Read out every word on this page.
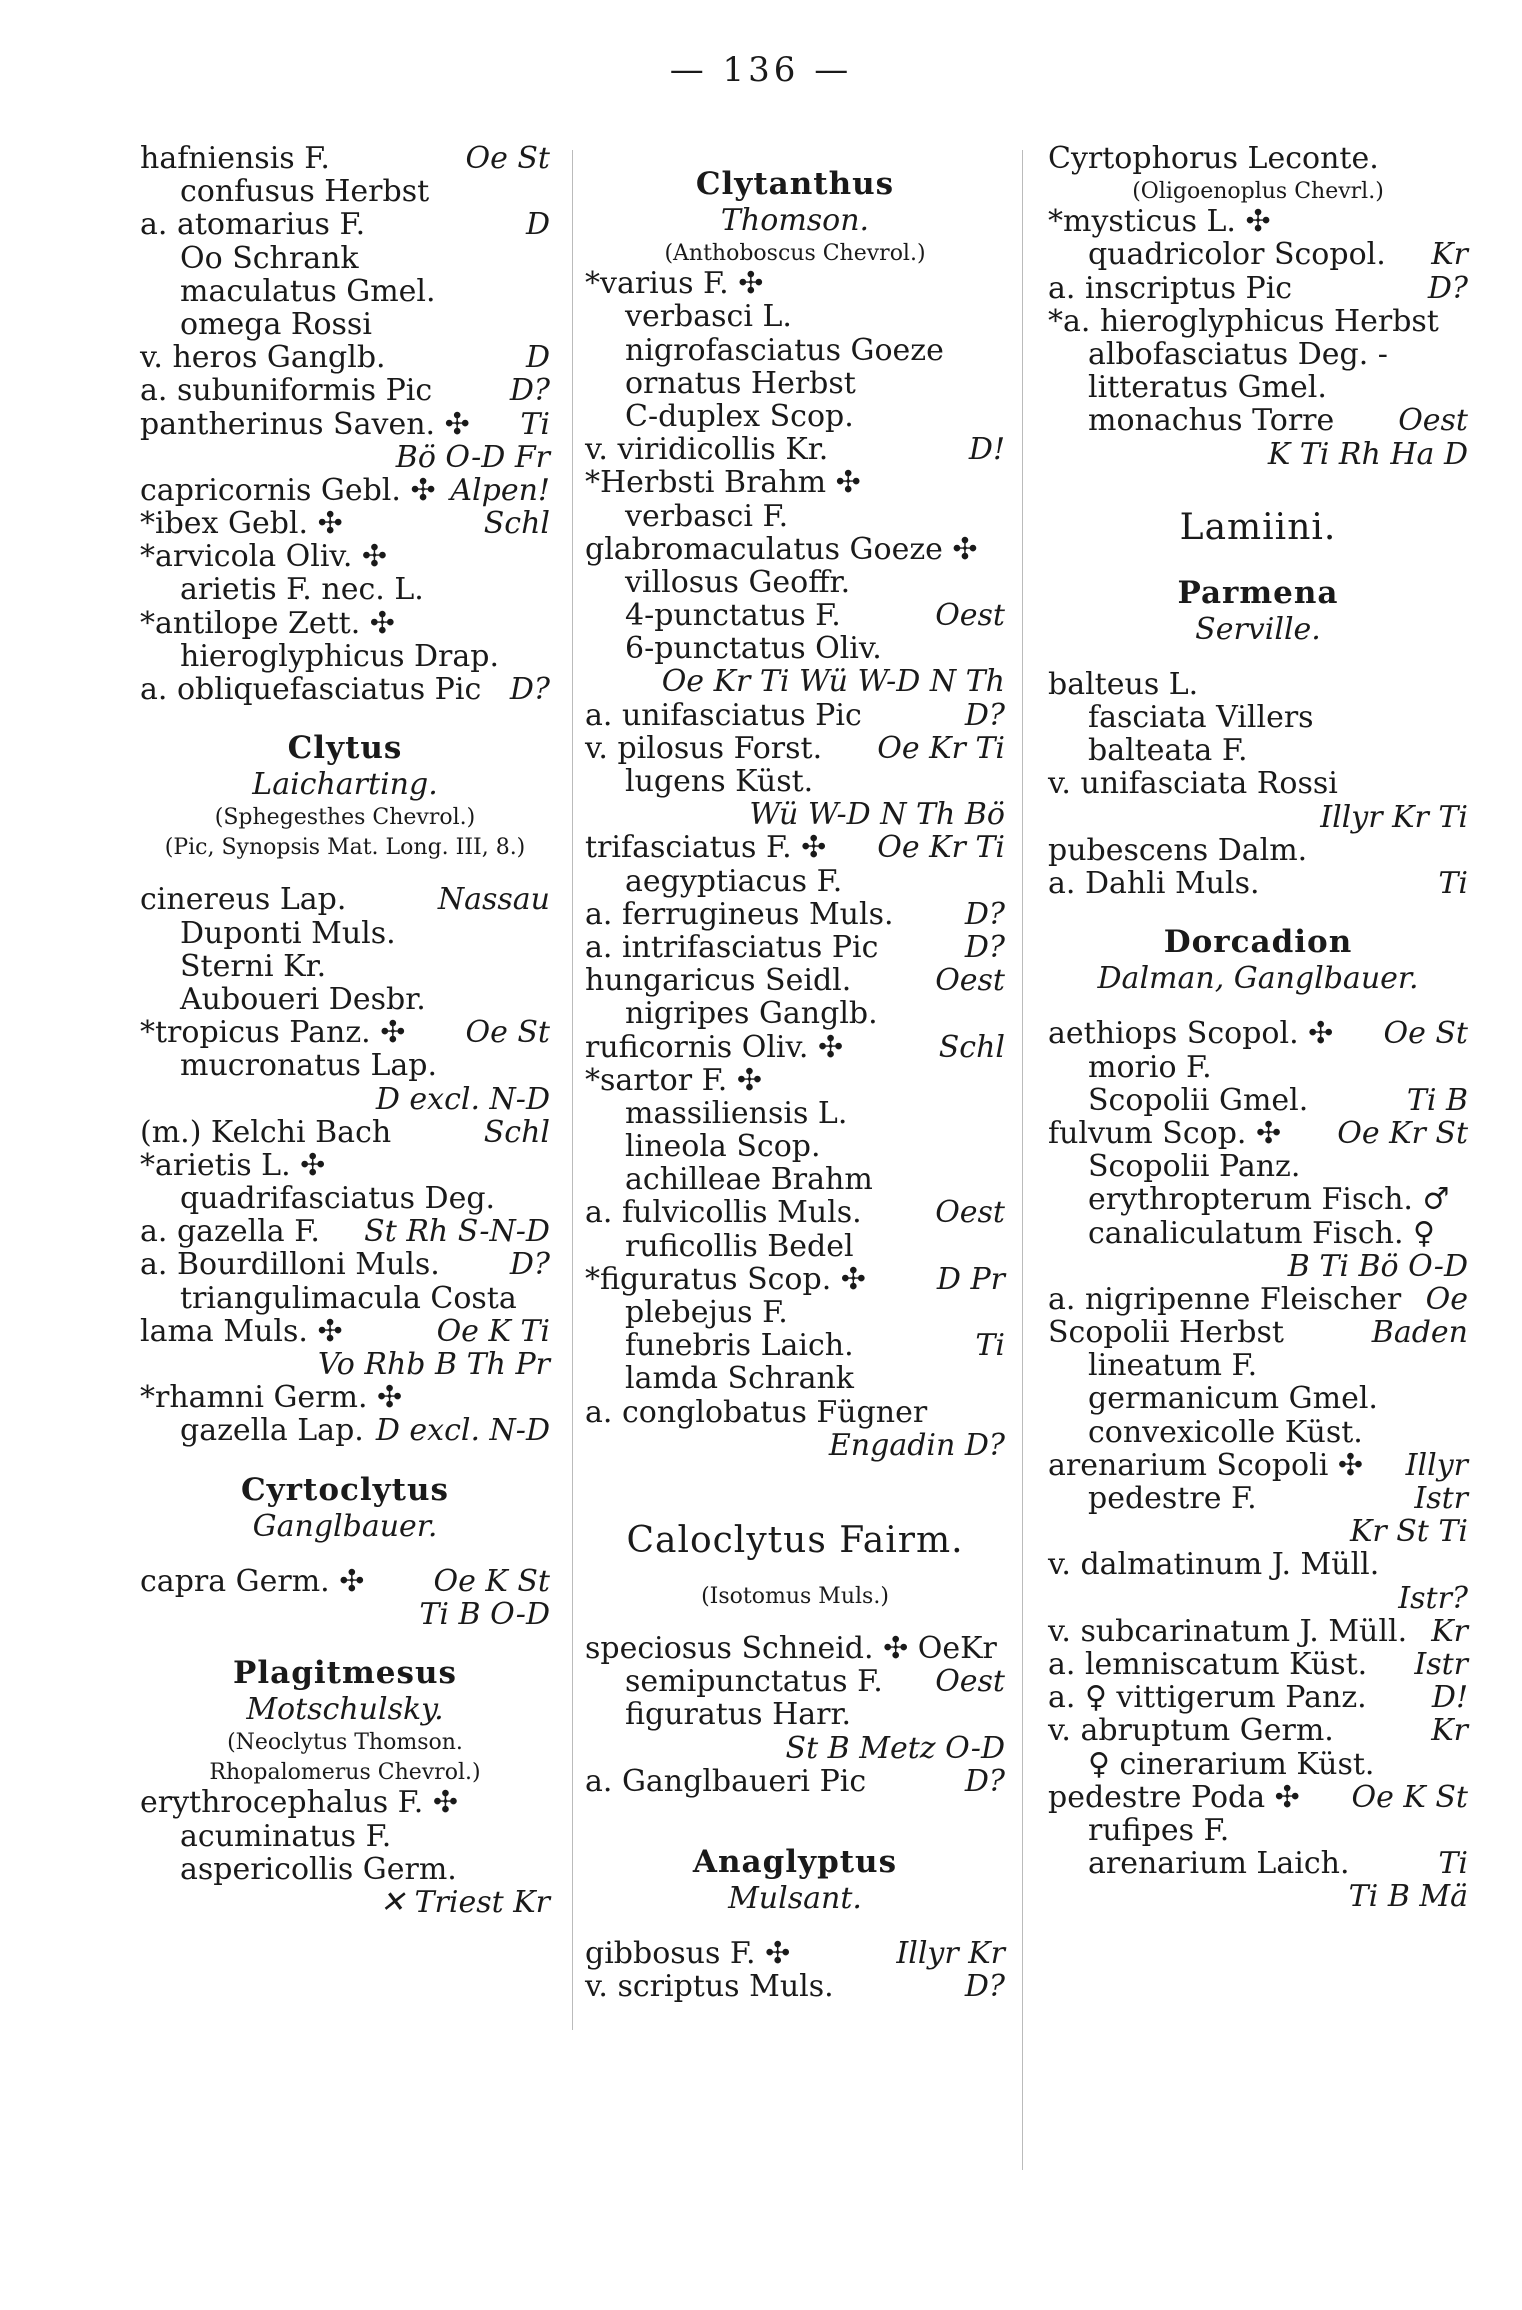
— 136 —
hafniensis F.	Oe St
confusus Herbst
a. atomarius F.	D
Oo Schrank
maculatus Gmel.
omega Rossi
v. heros Ganglb.	D
a. subuniformis Pic	D?
pantherinus Saven. ✣ Ti
Bö O-D Fr
capricornis Gebl. ✣ Alpen!
*ibex Gebl. ✣	Schl
*arvicola Oliv. ✣
arietis F. nec. L.
*antilope Zett. ✣
hieroglyphicus Drap.
a. obliquefasciatus Pic D?
Clytus
Laicharting.
(Sphegesthes Chevrol.)
(Pic, Synopsis Mat. Long. III, 8.)
cinereus Lap.	Nassau
Duponti Muls.
Sterni Kr.
Auboueri Desbr.
*tropicus Panz. ✣ Oe St
mucronatus Lap.
D excl. N-D
(m.) Kelchi Bach	Schl
*arietis L. ✣
quadrifasciatus Deg.
a. gazella F. St Rh S-N-D
a. Bourdilloni Muls. D?
triangulimacula Costa
lama Muls. ✣	Oe K Ti
Vo Rhb B Th Pr
*rhamni Germ. ✣
gazella Lap. D excl. N-D
Cyrtoclytus
Ganglbauer.
capra Germ. ✣ Oe K St
Ti B O-D
Plagitmesus
Motschulsky.
(Neoclytus Thomson.
Rhopalomerus Chevrol.)
erythrocephalus F. ✣
acuminatus F.
aspericollis Germ.
✕ Triest Kr
Clytanthus
Thomson.
(Anthoboscus Chevrol.)
*varius F. ✣
verbasci L.
nigrofasciatus Goeze
ornatus Herbst
C-duplex Scop.
v. viridicollis Kr.	D!
*Herbsti Brahm ✣
verbasci F.
glabromaculatus Goeze ✣
villosus Geoffr.
4-punctatus F.	Oest
6-punctatus Oliv.
Oe Kr Ti Wü W-D N Th
a. unifasciatus Pic	D?
v. pilosus Forst. Oe Kr Ti
lugens Küst.
Wü W-D N Th Bö
trifasciatus F. ✣ Oe Kr Ti
aegyptiacus F.
a. ferrugineus Muls. D?
a. intrifasciatus Pic	D?
hungaricus Seidl.	Oest
nigripes Ganglb.
ruficornis Oliv. ✣	Schl
*sartor F. ✣
massiliensis L.
lineola Scop.
achilleae Brahm
a. fulvicollis Muls. Oest
ruficollis Bedel
*figuratus Scop. ✣ D Pr
plebejus F.
funebris Laich.	Ti
lamda Schrank
a. conglobatus Fügner
Engadin D?
Caloclytus Fairm.
(Isotomus Muls.)
speciosus Schneid. ✣ OeKr
semipunctatus F. Oest
figuratus Harr.
St B Metz O-D
a. Ganglbaueri Pic	D?
Anaglyptus
Mulsant.
gibbosus F. ✣	Illyr Kr
v. scriptus Muls.	D?
Cyrtophorus Leconte.
(Oligoenoplus Chevrl.)
*mysticus L. ✣
quadricolor Scopol. Kr
a. inscriptus Pic	D?
*a. hieroglyphicus Herbst
albofasciatus Deg. -
litteratus Gmel.
monachus Torre Oest
K Ti Rh Ha D
Lamiini.
Parmena
Serville.
balteus L.
fasciata Villers
balteata F.
v. unifasciata Rossi
Illyr Kr Ti
pubescens Dalm.
a. Dahli Muls.	Ti
Dorcadion
Dalman, Ganglbauer.
aethiops Scopol. ✣ Oe St
morio F.
Scopolii Gmel.	Ti B
fulvum Scop. ✣ Oe Kr St
Scopolii Panz.
erythropterum Fisch. ♂
canaliculatum Fisch. ♀
B Ti Bö O-D
a. nigripenne Fleischer Oe
Scopolii Herbst	Baden
lineatum F.
germanicum Gmel.
convexicolle Küst.
arenarium Scopoli ✣ Illyr
pedestre F.	Istr
Kr St Ti
v. dalmatinum J. Müll.
Istr?
v. subcarinatum J. Müll. Kr
a. lemniscatum Küst. Istr
a. ♀ vittigerum Panz. D!
v. abruptum Germ.	Kr
♀ cinerarium Küst.
pedestre Poda ✣ Oe K St
rufipes F.
arenarium Laich.	Ti
Ti B Mä
